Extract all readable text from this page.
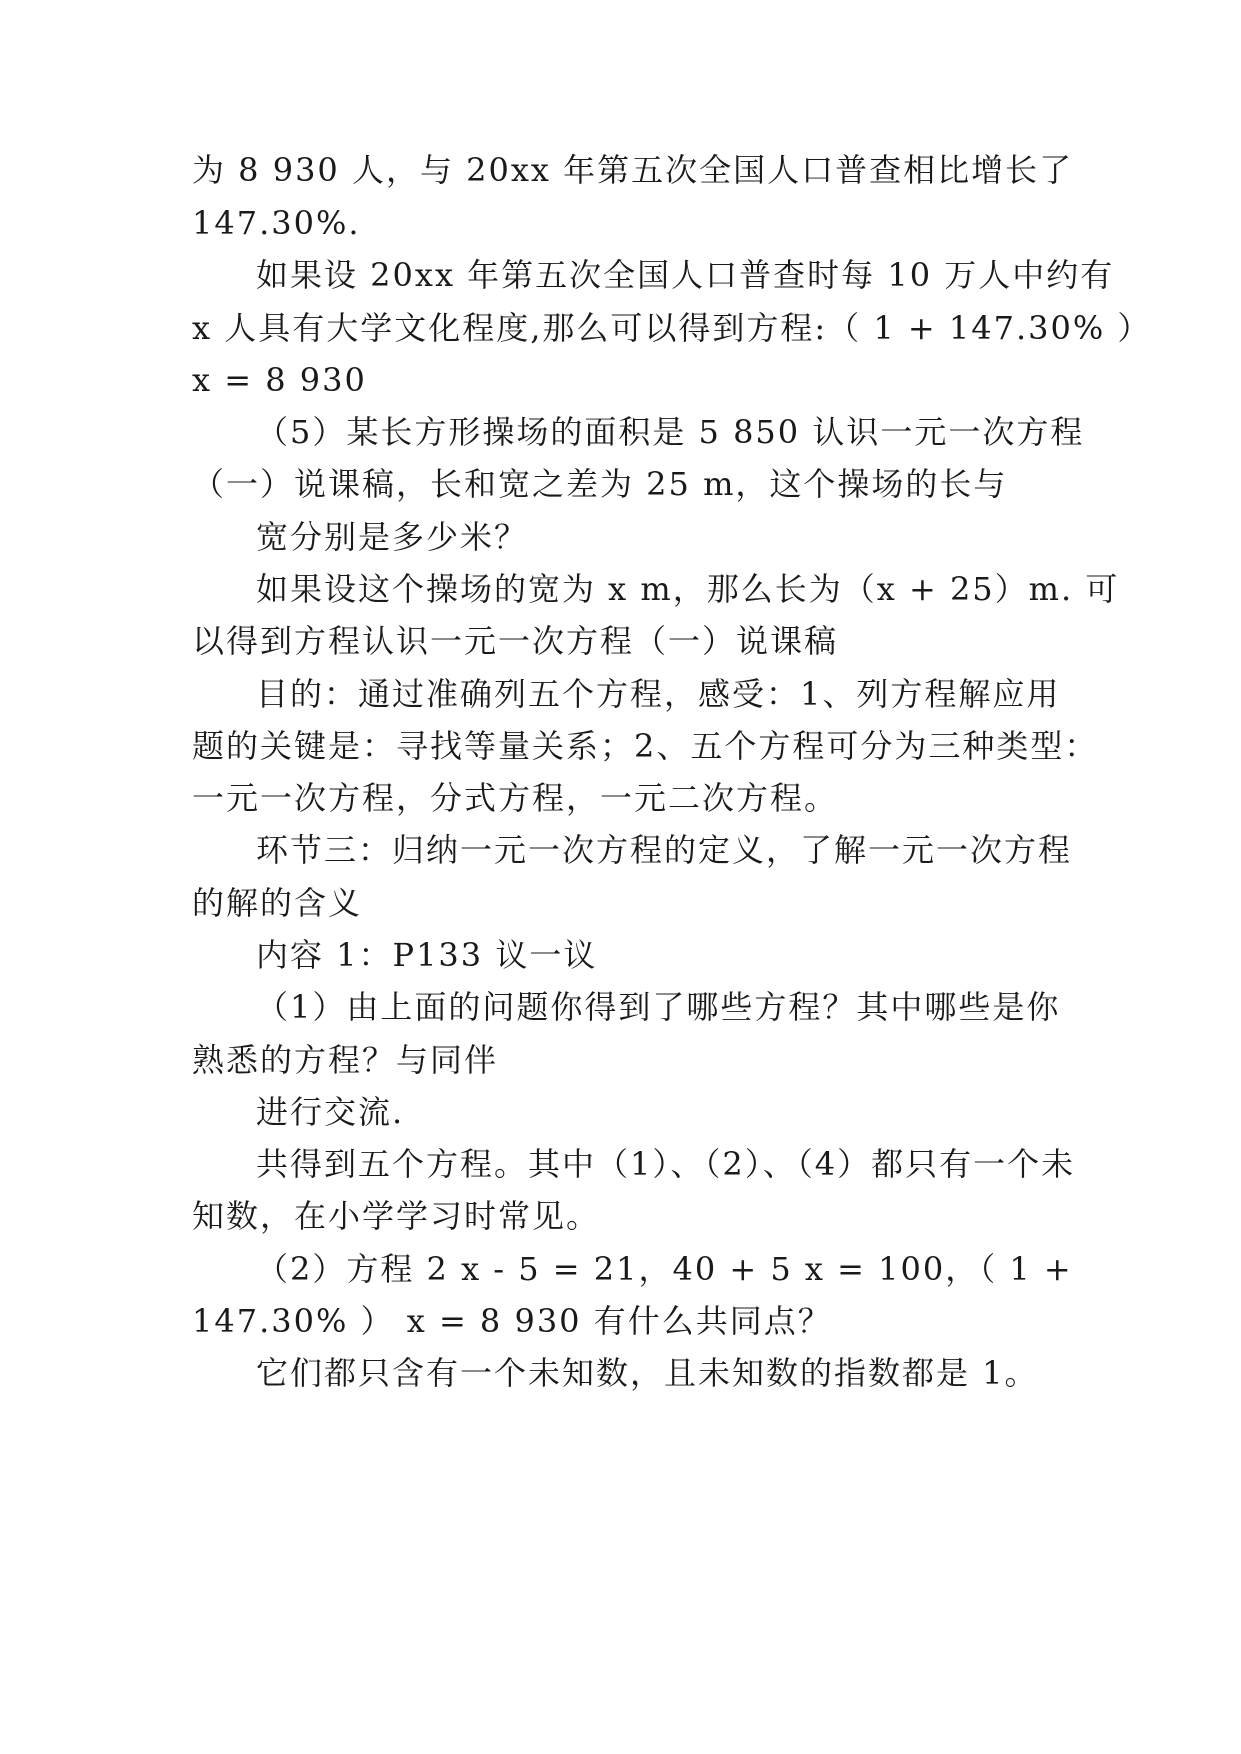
为 8 930 人，与 20xx 年第五次全国人口普查相比增长了
147.30%.
如果设 20xx 年第五次全国人口普查时每 10 万人中约有
x 人具有大学文化程度,那么可以得到方程:（ 1 + 147.30% ）
x = 8 930
（5）某长方形操场的面积是 5 850 认识一元一次方程
（一）说课稿，长和宽之差为 25 m，这个操场的长与
宽分别是多少米？
如果设这个操场的宽为 x m，那么长为（x + 25）m. 可
以得到方程认识一元一次方程（一）说课稿
目的：通过准确列五个方程，感受：1、列方程解应用
题的关键是：寻找等量关系；2、五个方程可分为三种类型：
一元一次方程，分式方程，一元二次方程。
环节三：归纳一元一次方程的定义，了解一元一次方程
的解的含义
内容 1：P133 议一议
（1）由上面的问题你得到了哪些方程？其中哪些是你
熟悉的方程？与同伴
进行交流.
共得到五个方程。其中（1）、（2）、（4）都只有一个未
知数，在小学学习时常见。
（2）方程 2 x - 5 = 21，40 + 5 x = 100，（ 1 +
147.30% ） x = 8 930 有什么共同点？
它们都只含有一个未知数，且未知数的指数都是 1。
